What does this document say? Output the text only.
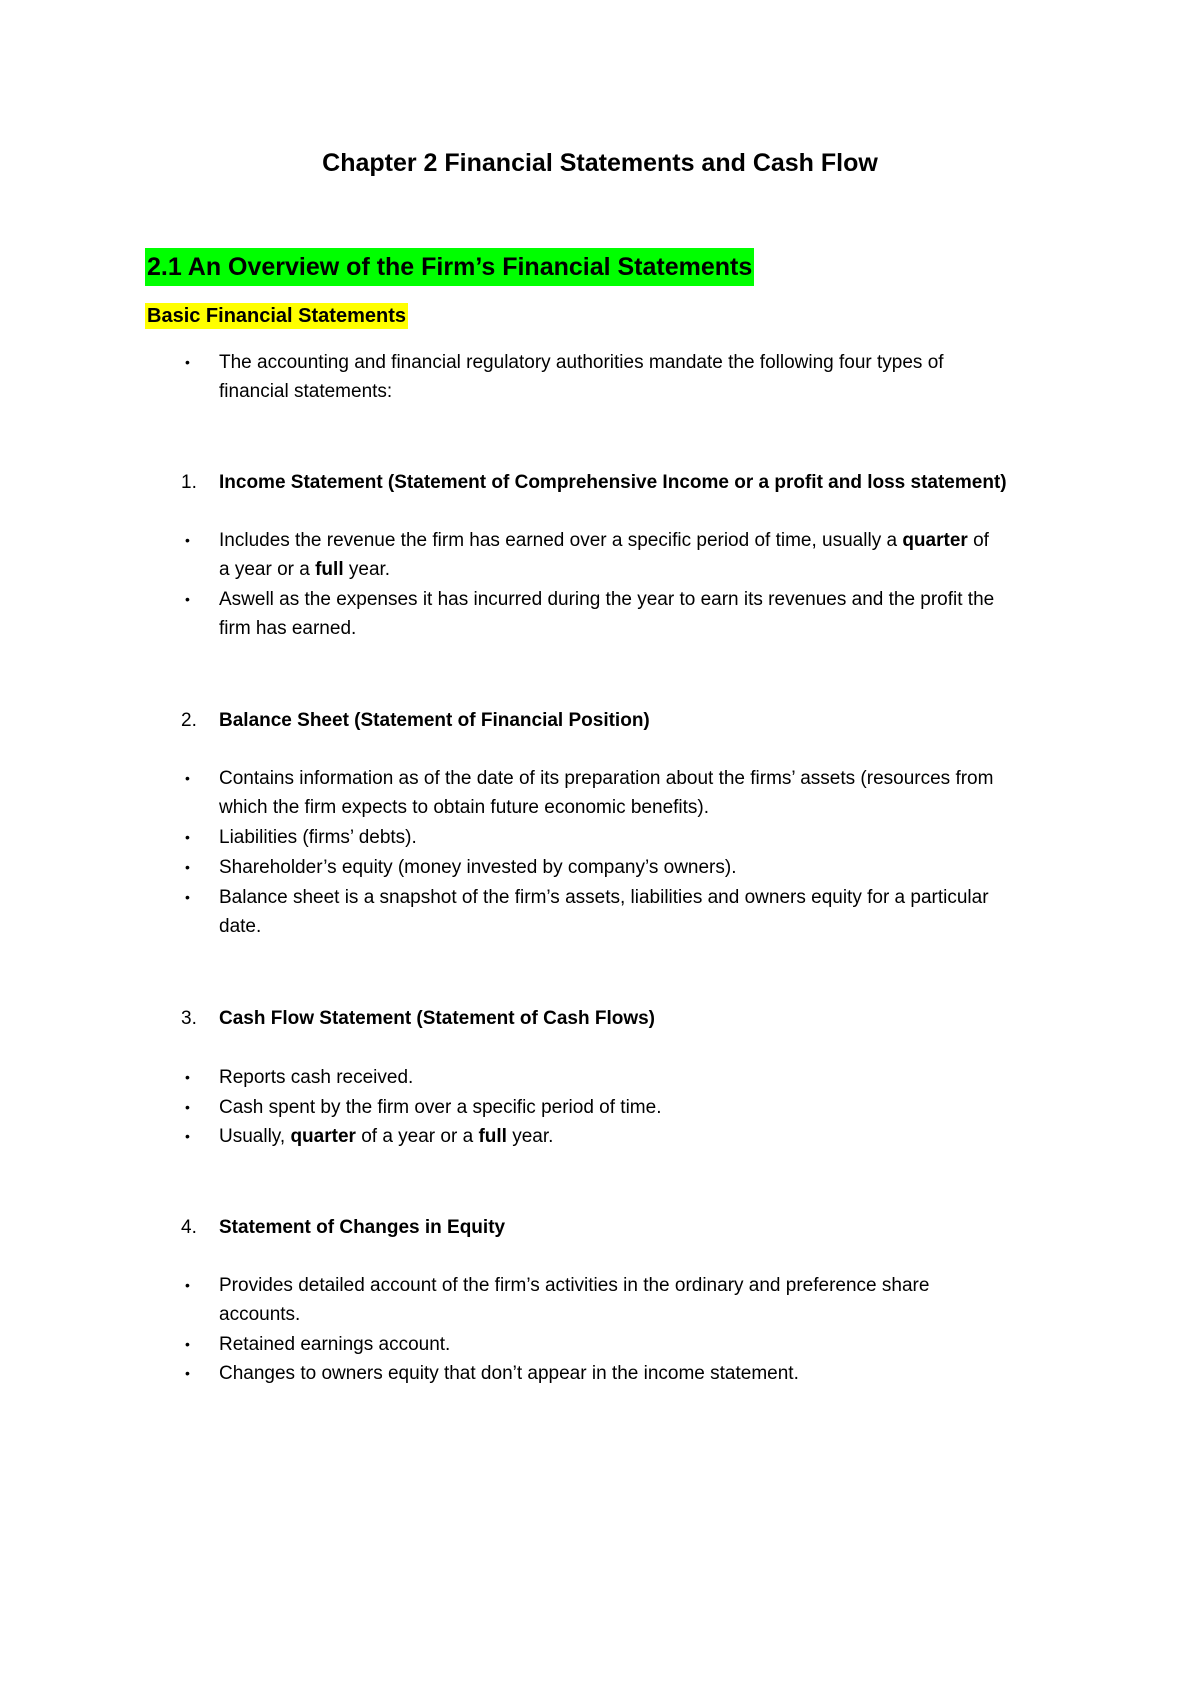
Chapter 2 Financial Statements and Cash Flow
2.1 An Overview of the Firm’s Financial Statements
Basic Financial Statements
• The accounting and financial regulatory authorities mandate the following four types of
financial statements:
1. Income Statement (Statement of Comprehensive Income or a profit and loss statement)
• Includes the revenue the firm has earned over a specific period of time, usually a quarter of
a year or a full year.
• Aswell as the expenses it has incurred during the year to earn its revenues and the profit the
firm has earned.
2. Balance Sheet (Statement of Financial Position)
• Contains information as of the date of its preparation about the firms’ assets (resources from
which the firm expects to obtain future economic benefits).
• Liabilities (firms’ debts).
• Shareholder’s equity (money invested by company’s owners).
• Balance sheet is a snapshot of the firm’s assets, liabilities and owners equity for a particular
date.
3. Cash Flow Statement (Statement of Cash Flows)
• Reports cash received.
• Cash spent by the firm over a specific period of time.
• Usually, quarter of a year or a full year.
4. Statement of Changes in Equity
• Provides detailed account of the firm’s activities in the ordinary and preference share
accounts.
• Retained earnings account.
• Changes to owners equity that don’t appear in the income statement.
